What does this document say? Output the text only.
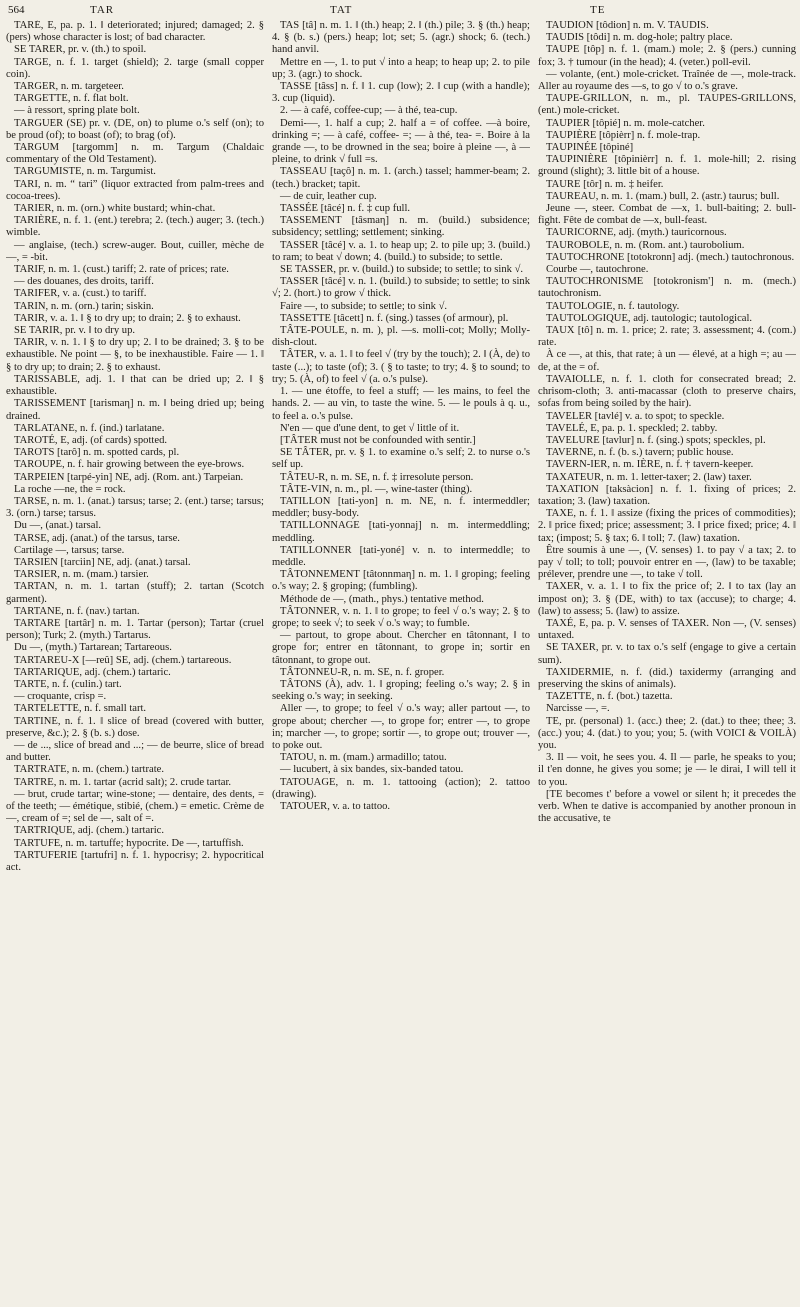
564	TAR	TAT	TE

TARÉ, E, pa. p. 1. ‖ deteriorated; injured; damaged; 2. § (pers) whose character is lost; of bad character.

SE TARER, pr. v. (th.) to spoil.

TARGE, n. f. 1. target (shield); 2. targe (small copper coin).

TARGER, n. m. targeteer.

TARGETTE, n. f. flat bolt.

— à ressort, spring plate bolt.

TARGUER (SE) pr. v. (DE, on) to plume o.'s self (on); to be proud (of); to boast (of); to brag (of).

TARGUM [targomm] n. m. Targum (Chaldaic commentary of the Old Testament).

TARGUMISTE, n. m. Targumist.

TARI, n. m. “ tari” (liquor extracted from palm-trees and cocoa-trees).

TARIER, n. m. (orn.) white bustard; whin-chat.

TARIÈRE, n. f. 1. (ent.) terebra; 2. (tech.) auger; 3. (tech.) wimble.

— anglaise, (tech.) screw-auger. Bout, cuiller, mèche de —, = -bit.

TARIF, n. m. 1. (cust.) tariff; 2. rate of prices; rate.

— des douanes, des droits, tariff.

TARIFER, v. a. (cust.) to tariff.

TARIN, n. m. (orn.) tarin; siskin.

TARIR, v. a. 1. ‖ § to dry up; to drain; 2. § to exhaust.

SE TARIR, pr. v. ‖ to dry up.

TARIR, v. n. 1. ‖ § to dry up; 2. ‖ to be drained; 3. § to be exhaustible. Ne point — §, to be inexhaustible. Faire — 1. ‖ § to dry up; to drain; 2. § to exhaust.

TARISSABLE, adj. 1. ‖ that can be dried up; 2. ‖ § exhaustible.

TARISSEMENT [tarismaη] n. m. ‖ being dried up; being drained.

TARLATANE, n. f. (ind.) tarlatane.

TAROTÉ, E, adj. (of cards) spotted.

TAROTS [tarô] n. m. spotted cards, pl.

TAROUPE, n. f. hair growing between the eye-brows.

TARPEIEN [tarpé-yin] NE, adj. (Rom. ant.) Tarpeian.

La roche —ne, the = rock.

TARSE, n. m. 1. (anat.) tarsus; tarse; 2. (ent.) tarse; tarsus; 3. (orn.) tarse; tarsus.

Du —, (anat.) tarsal.

TARSE, adj. (anat.) of the tarsus, tarse.

Cartilage —, tarsus; tarse.

TARSIEN [tarciin] NE, adj. (anat.) tarsal.

TARSIER, n. m. (mam.) tarsier.

TARTAN, n. m. 1. tartan (stuff); 2. tartan (Scotch garment).

TARTANE, n. f. (nav.) tartan.

TARTARE [tartâr] n. m. 1. Tartar (person); Tartar (cruel person); Turk; 2. (myth.) Tartarus.

Du —, (myth.) Tartarean; Tartareous.

TARTAREU-X [—reû] SE, adj. (chem.) tartareous.

TARTARIQUE, adj. (chem.) tartaric.

TARTE, n. f. (culin.) tart.

— croquante, crisp =.

TARTELETTE, n. f. small tart.

TARTINE, n. f. 1. ‖ slice of bread (covered with butter, preserve, &c.); 2. § (b. s.) dose.

— de ..., slice of bread and ...; — de beurre, slice of bread and butter.

TARTRATE, n. m. (chem.) tartrate.

TARTRE, n. m. 1. tartar (acrid salt); 2. crude tartar.

— brut, crude tartar; wine-stone; — dentaire, des dents, = of the teeth; — émétique, stibié, (chem.) = emetic. Crème de —, cream of =; sel de —, salt of =.

TARTRIQUE, adj. (chem.) tartaric.

TARTUFE, n. m. tartuffe; hypocrite. De —, tartuffish.

TARTUFERIE [tartufri] n. f. 1. hypocrisy; 2. hypocritical act.

TAS [tâ] n. m. 1. ‖ (th.) heap; 2. ‖ (th.) pile; 3. § (th.) heap; 4. § (b. s.) (pers.) heap; lot; set; 5. (agr.) shock; 6. (tech.) hand anvil.

Mettre en —, 1. to put √ into a heap; to heap up; 2. to pile up; 3. (agr.) to shock.

TASSE [tâss] n. f. ‖ 1. cup (low); 2. ‖ cup (with a handle); 3. cup (liquid).

2. — à café, coffee-cup; — à thé, tea-cup.

Demi-—, 1. half a cup; 2. half a = of coffee. —à boire, drinking =; — à café, coffee- =; — à thé, tea- =. Boire à la grande —, to be drowned in the sea; boire à pleine —, à — pleine, to drink √ full =s.

TASSEAU [taçô] n. m. 1. (arch.) tassel; hammer-beam; 2. (tech.) bracket; tapit.

— de cuir, leather cup.

TASSÉE [tâcé] n. f. ‡ cup full.

TASSEMENT [tâsmaη] n. m. (build.) subsidence; subsidency; settling; settlement; sinking.

TASSER [tâcé] v. a. 1. to heap up; 2. to pile up; 3. (build.) to ram; to beat √ down; 4. (build.) to subside; to settle.

SE TASSER, pr. v. (build.) to subside; to settle; to sink √.

TASSER [tâcé] v. n. 1. (build.) to subside; to settle; to sink √; 2. (hort.) to grow √ thick.

Faire —, to subside; to settle; to sink √.

TASSETTE [tâcett] n. f. (sing.) tasses (of armour), pl.

TÂTE-POULE, n. m. ), pl. —s. molli-cot; Molly; Molly-dish-clout.

TÂTER, v. a. 1. ‖ to feel √ (try by the touch); 2. ‖ (À, de) to taste (...); to taste (of); 3. ( § to taste; to try; 4. § to sound; to try; 5. (À, of) to feel √ (a. o.'s pulse).

1. — une étoffe, to feel a stuff; — les mains, to feel the hands. 2. — au vin, to taste the wine. 5. — le pouls à q. u., to feel a. o.'s pulse.

N'en — que d'une dent, to get √ little of it.

[TÂTER must not be confounded with sentir.]

SE TÂTER, pr. v. § 1. to examine o.'s self; 2. to nurse o.'s self up.

TÂTEU-R, n. m. SE, n. f. ‡ irresolute person.

TÂTE-VIN, n. m., pl. —, wine-taster (thing).

TATILLON [tati-yon] n. m. NE, n. f. intermeddler; meddler; busy-body.

TATILLONNAGE [tati-yonnaj] n. m. intermeddling; meddling.

TATILLONNER [tati-yoné] v. n. to intermeddle; to meddle.

TÂTONNEMENT [tâtonnmaη] n. m. 1. ‖ groping; feeling o.'s way; 2. § groping; (fumbling).

Méthode de —, (math., phys.) tentative method.

TÂTONNER, v. n. 1. ‖ to grope; to feel √ o.'s way; 2. § to grope; to seek √; to seek √ o.'s way; to fumble.

— partout, to grope about. Chercher en tâtonnant, ‖ to grope for; entrer en tâtonnant, to grope in; sortir en tâtonnant, to grope out.

TÂTONNEU-R, n. m. SE, n. f. groper.

TÂTONS (À), adv. 1. ‖ groping; feeling o.'s way; 2. § in seeking o.'s way; in seeking.

Aller —, to grope; to feel √ o.'s way; aller partout —, to grope about; chercher —, to grope for; entrer —, to grope in; marcher —, to grope; sortir —, to grope out; trouver —, to poke out.

TATOU, n. m. (mam.) armadillo; tatou.

— lucubert, à six bandes, six-banded tatou.

TATOUAGE, n. m. 1. tattooing (action); 2. tattoo (drawing).

TATOUER, v. a. to tattoo.

TAUDION [tôdion] n. m. V. TAUDIS.

TAUDIS [tôdi] n. m. dog-hole; paltry place.

TAUPE [tôp] n. f. 1. (mam.) mole; 2. § (pers.) cunning fox; 3. † tumour (in the head); 4. (veter.) poll-evil.

— volante, (ent.) mole-cricket. Traînée de —, mole-track. Aller au royaume des —s, to go √ to o.'s grave.

TAUPE-GRILLON, n. m., pl. TAUPES-GRILLONS, (ent.) mole-cricket.

TAUPIER [tôpié] n. m. mole-catcher.

TAUPIÈRE [tôpièrr] n. f. mole-trap.

TAUPINÉE [tôpiné]

TAUPINIÈRE [tôpinièrr] n. f. 1. mole-hill; 2. rising ground (slight); 3. little bit of a house.

TAURE [tôr] n. m. ‡ heifer.

TAUREAU, n. m. 1. (mam.) bull, 2. (astr.) taurus; bull.

Jeune —, steer. Combat de —x, 1. bull-baiting; 2. bull-fight. Fête de combat de —x, bull-feast.

TAURICORNE, adj. (myth.) tauricornous.

TAUROBOLE, n. m. (Rom. ant.) taurobolium.

TAUTOCHRONE [totokronn] adj. (mech.) tautochronous.

Courbe —, tautochrone.

TAUTOCHRONISME [totokronism'] n. m. (mech.) tautochronism.

TAUTOLOGIE, n. f. tautology.

TAUTOLOGIQUE, adj. tautologic; tautological.

TAUX [tô] n. m. 1. price; 2. rate; 3. assessment; 4. (com.) rate.

À ce —, at this, that rate; à un — élevé, at a high =; au — de, at the = of.

TAVAIOLLE, n. f. 1. cloth for consecrated bread; 2. chrisom-cloth; 3. anti-macassar (cloth to preserve chairs, sofas from being soiled by the hair).

TAVELER [tavlé] v. a. to spot; to speckle.

TAVELÉ, E, pa. p. 1. speckled; 2. tabby.

TAVELURE [tavlur] n. f. (sing.) spots; speckles, pl.

TAVERNE, n. f. (b. s.) tavern; public house.

TAVERN-IER, n. m. IÈRE, n. f. † tavern-keeper.

TAXATEUR, n. m. 1. letter-taxer; 2. (law) taxer.

TAXATION [taksàcion] n. f. 1. fixing of prices; 2. taxation; 3. (law) taxation.

TAXE, n. f. 1. ‖ assize (fixing the prices of commodities); 2. ‖ price fixed; price; assessment; 3. ‖ price fixed; price; 4. ‖ tax; (impost; 5. § tax; 6. ‖ toll; 7. (law) taxation.

Être soumis à une —, (V. senses) 1. to pay √ a tax; 2. to pay √ toll; to toll; pouvoir entrer en —, (law) to be taxable; prélever, prendre une —, to take √ toll.

TAXER, v. a. 1. ‖ to fix the price of; 2. ‖ to tax (lay an impost on); 3. § (DE, with) to tax (accuse); to charge; 4. (law) to assess; 5. (law) to assize.

TAXÉ, E, pa. p. V. senses of TAXER. Non —, (V. senses) untaxed.

SE TAXER, pr. v. to tax o.'s self (engage to give a certain sum).

TAXIDERMIE, n. f. (did.) taxidermy (arranging and preserving the skins of animals).

TAZETTE, n. f. (bot.) tazetta.

Narcisse —, =.

TE, pr. (personal) 1. (acc.) thee; 2. (dat.) to thee; thee; 3. (acc.) you; 4. (dat.) to you; you; 5. (with VOICI & VOILÀ) you.

3. Il — voit, he sees you. 4. Il — parle, he speaks to you; il t'en donne, he gives you some; je — le dirai, I will tell it to you.

[TE becomes t' before a vowel or silent h; it precedes the verb. When te dative is accompanied by another pronoun in the accusative, te
